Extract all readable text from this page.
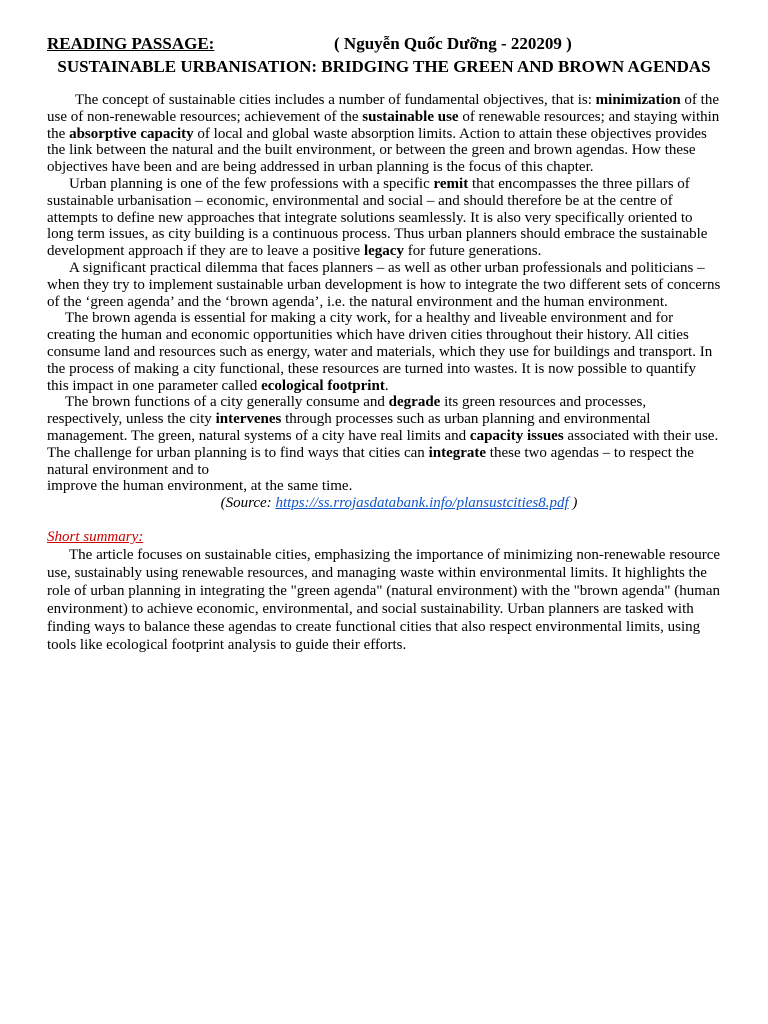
READING PASSAGE:	( Nguyễn Quốc Dưỡng - 220209 )
SUSTAINABLE URBANISATION: BRIDGING THE GREEN AND BROWN AGENDAS

The concept of sustainable cities includes a number of fundamental objectives, that is: minimization of the use of non-renewable resources; achievement of the sustainable use of renewable resources; and staying within the absorptive capacity of local and global waste absorption limits. Action to attain these objectives provides the link between the natural and the built environment, or between the green and brown agendas. How these objectives have been and are being addressed in urban planning is the focus of this chapter.

Urban planning is one of the few professions with a specific remit that encompasses the three pillars of sustainable urbanisation – economic, environmental and social – and should therefore be at the centre of attempts to define new approaches that integrate solutions seamlessly. It is also very specifically oriented to long term issues, as city building is a continuous process. Thus urban planners should embrace the sustainable development approach if they are to leave a positive legacy for future generations.

A significant practical dilemma that faces planners – as well as other urban professionals and politicians – when they try to implement sustainable urban development is how to integrate the two different sets of concerns of the ‘green agenda’ and the ‘brown agenda’, i.e. the natural environment and the human environment.

The brown agenda is essential for making a city work, for a healthy and liveable environment and for creating the human and economic opportunities which have driven cities throughout their history. All cities consume land and resources such as energy, water and materials, which they use for buildings and transport. In the process of making a city functional, these resources are turned into wastes. It is now possible to quantify this impact in one parameter called ecological footprint.

The brown functions of a city generally consume and degrade its green resources and processes, respectively, unless the city intervenes through processes such as urban planning and environmental management. The green, natural systems of a city have real limits and capacity issues associated with their use. The challenge for urban planning is to find ways that cities can integrate these two agendas – to respect the natural environment and to

improve the human environment, at the same time.

(Source: https://ss.rrojasdatabank.info/plansustcities8.pdf )

Short summary:

The article focuses on sustainable cities, emphasizing the importance of minimizing non-renewable resource use, sustainably using renewable resources, and managing waste within environmental limits. It highlights the role of urban planning in integrating the "green agenda" (natural environment) with the "brown agenda" (human environment) to achieve economic, environmental, and social sustainability. Urban planners are tasked with finding ways to balance these agendas to create functional cities that also respect environmental limits, using tools like ecological footprint analysis to guide their efforts.
